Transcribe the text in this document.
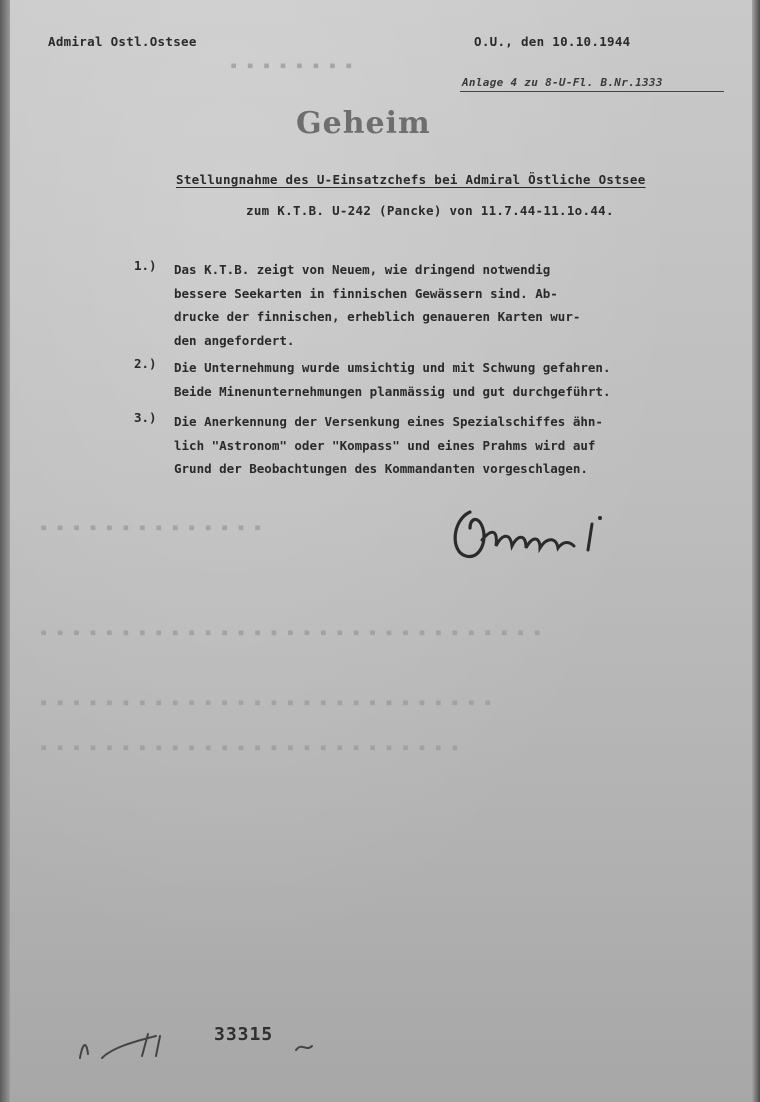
▪ ▪ ▪ ▪ ▪ ▪ ▪ ▪
▪ ▪ ▪ ▪ ▪ ▪ ▪ ▪ ▪ ▪ ▪ ▪ ▪ ▪
▪ ▪ ▪ ▪ ▪ ▪ ▪ ▪ ▪ ▪ ▪ ▪ ▪ ▪ ▪ ▪ ▪ ▪ ▪ ▪ ▪ ▪ ▪ ▪ ▪ ▪ ▪ ▪ ▪ ▪ ▪
▪ ▪ ▪ ▪ ▪ ▪ ▪ ▪ ▪ ▪ ▪ ▪ ▪ ▪ ▪ ▪ ▪ ▪ ▪ ▪ ▪ ▪ ▪ ▪ ▪ ▪ ▪ ▪
▪ ▪ ▪ ▪ ▪ ▪ ▪ ▪ ▪ ▪ ▪ ▪ ▪ ▪ ▪ ▪ ▪ ▪ ▪ ▪ ▪ ▪ ▪ ▪ ▪ ▪
Admiral Ostl.Ostsee	O.U., den 10.10.1944
Anlage 4 zu 8-U-Fl. B.Nr.1333
Geheim
Stellungnahme des U-Einsatzchefs bei Admiral Östliche Ostsee
zum K.T.B. U-242 (Pancke) von 11.7.44-11.1o.44.
1.) Das K.T.B. zeigt von Neuem, wie dringend notwendig
bessere Seekarten in finnischen Gewässern sind. Ab-
drucke der finnischen, erheblich genaueren Karten wur-
den angefordert.
2.) Die Unternehmung wurde umsichtig und mit Schwung gefahren.
Beide Minenunternehmungen planmässig und gut durchgeführt.
3.) Die Anerkennung der Versenkung eines Spezialschiffes ähn-
lich "Astronom" oder "Kompass" und eines Prahms wird auf
Grund der Beobachtungen des Kommandanten vorgeschlagen.
33315
